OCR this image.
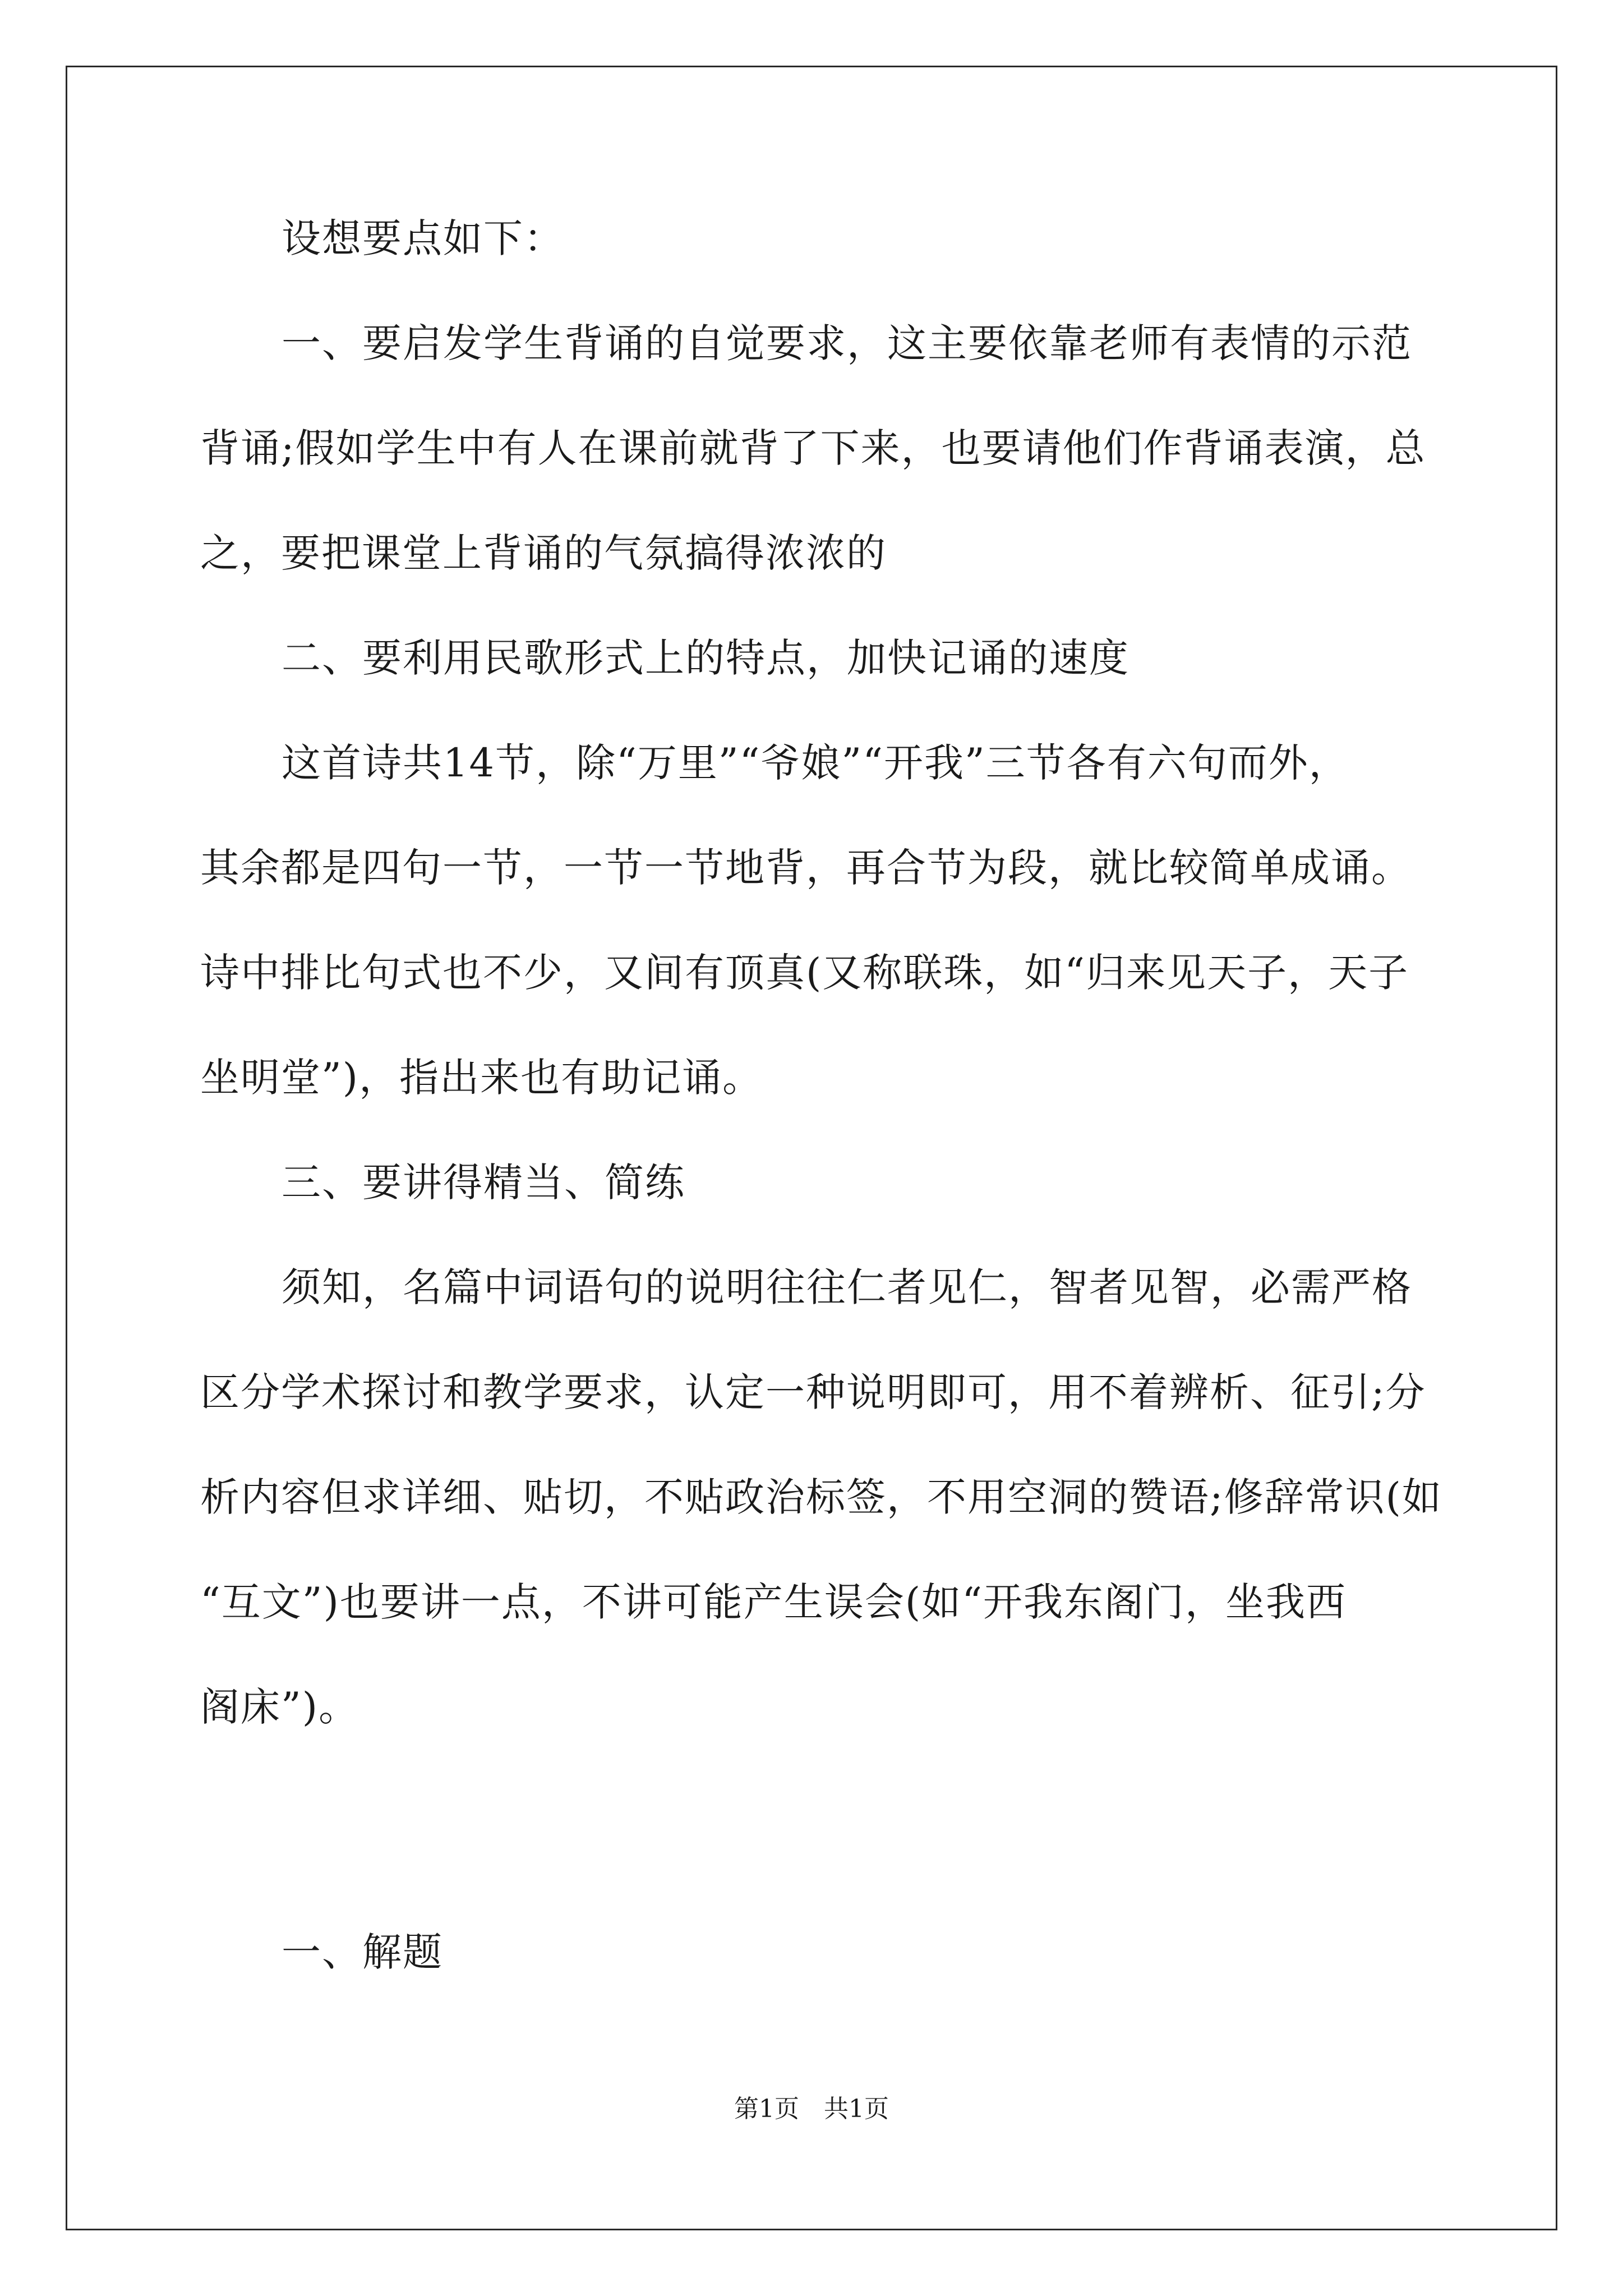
设想要点如下：
一、要启发学生背诵的自觉要求，这主要依靠老师有表情的示范
背诵;假如学生中有人在课前就背了下来，也要请他们作背诵表演，总
之，要把课堂上背诵的气氛搞得浓浓的
二、要利用民歌形式上的特点，加快记诵的速度
这首诗共14节，除“万里”“爷娘”“开我”三节各有六句而外，
其余都是四句一节，一节一节地背，再合节为段，就比较简单成诵。
诗中排比句式也不少，又间有顶真(又称联珠，如“归来见天子，天子
坐明堂”)，指出来也有助记诵。
三、要讲得精当、简练
须知，名篇中词语句的说明往往仁者见仁，智者见智，必需严格
区分学术探讨和教学要求，认定一种说明即可，用不着辨析、征引;分
析内容但求详细、贴切，不贴政治标签，不用空洞的赞语;修辞常识(如
“互文”)也要讲一点，不讲可能产生误会(如“开我东阁门，坐我西
阁床”)。
一、解题
第1页　共1页
